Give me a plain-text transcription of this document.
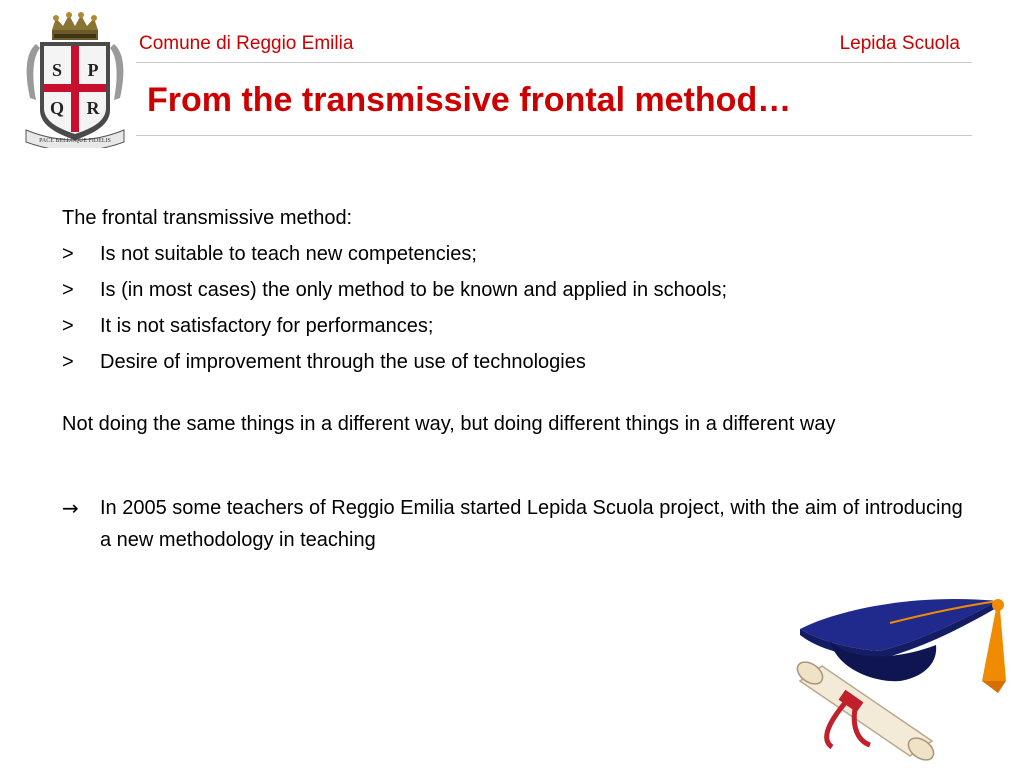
S P
Q R
PACE BELLOQUE FIDELIS
Comune di Reggio Emilia	Lepida Scuola
From the transmissive frontal method…

The frontal transmissive method:

> Is not suitable to teach new competencies;
> Is (in most cases) the only method to be known and applied in schools;
> It is not satisfactory for performances;
> Desire of improvement through the use of technologies

Not doing the same things in a different way, but doing different things in a different way

→ In 2005 some teachers of Reggio Emilia started Lepida Scuola project, with the aim of introducing a new methodology in teaching
